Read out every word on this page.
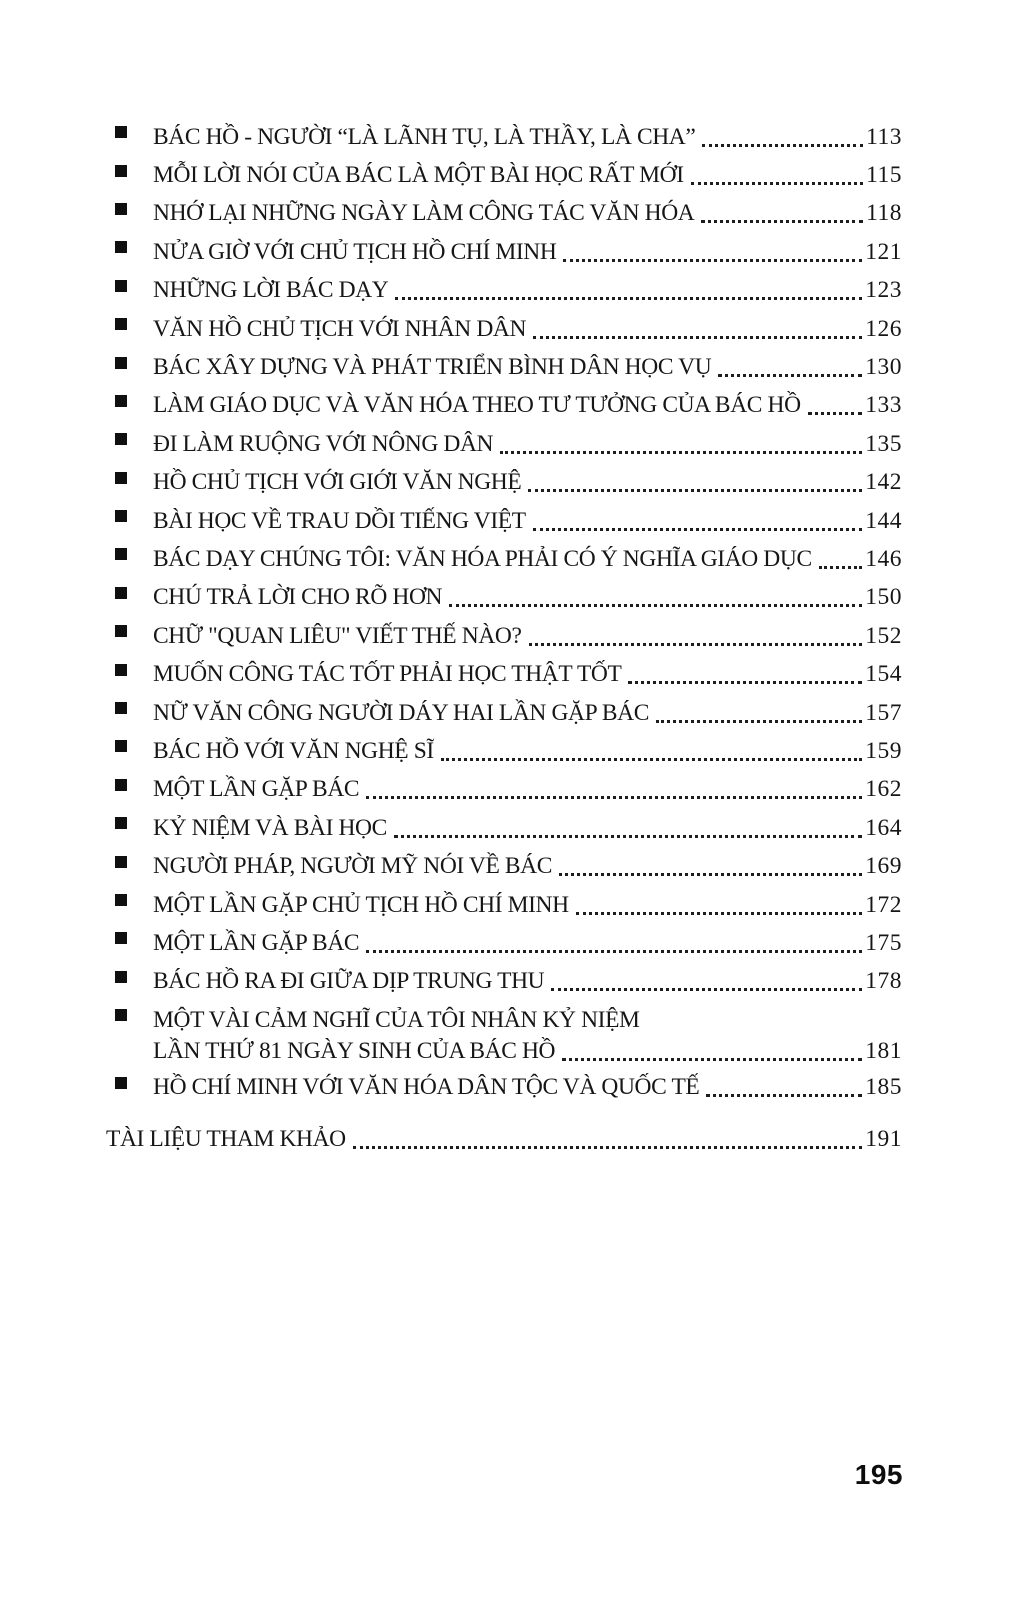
BÁC HỒ - NGƯỜI “LÀ LÃNH TỤ, LÀ THẦY, LÀ CHA”	113
MỖI LỜI NÓI CỦA BÁC LÀ MỘT BÀI HỌC RẤT MỚI	115
NHỚ LẠI NHỮNG NGÀY LÀM CÔNG TÁC VĂN HÓA	118
NỬA GIỜ VỚI CHỦ TỊCH HỒ CHÍ MINH	121
NHỮNG LỜI BÁC DẠY	123
VĂN HỒ CHỦ TỊCH VỚI NHÂN DÂN	126
BÁC XÂY DỰNG VÀ PHÁT TRIỂN BÌNH DÂN HỌC VỤ	130
LÀM GIÁO DỤC VÀ VĂN HÓA THEO TƯ TƯỞNG CỦA BÁC HỒ	133
ĐI LÀM RUỘNG VỚI NÔNG DÂN	135
HỒ CHỦ TỊCH VỚI GIỚI VĂN NGHỆ	142
BÀI HỌC VỀ TRAU DỒI TIẾNG VIỆT	144
BÁC DẠY CHÚNG TÔI: VĂN HÓA PHẢI CÓ Ý NGHĨA GIÁO DỤC 146
CHÚ TRẢ LỜI CHO RÕ HƠN	150
CHỮ "QUAN LIÊU" VIẾT THẾ NÀO?	152
MUỐN CÔNG TÁC TỐT PHẢI HỌC THẬT TỐT	154
NỮ VĂN CÔNG NGƯỜI DÁY HAI LẦN GẶP BÁC	157
BÁC HỒ VỚI VĂN NGHỆ SĨ	159
MỘT LẦN GẶP BÁC	162
KỶ NIỆM VÀ BÀI HỌC	164
NGƯỜI PHÁP, NGƯỜI MỸ NÓI VỀ BÁC	169
MỘT LẦN GẶP CHỦ TỊCH HỒ CHÍ MINH	172
MỘT LẦN GẶP BÁC	175
BÁC HỒ RA ĐI GIỮA DỊP TRUNG THU	178
MỘT VÀI CẢM NGHĨ CỦA TÔI NHÂN KỶ NIỆM
LẦN THỨ 81 NGÀY SINH CỦA BÁC HỒ	181
HỒ CHÍ MINH VỚI VĂN HÓA DÂN TỘC VÀ QUỐC TẾ	185
TÀI LIỆU THAM KHẢO	191
195
